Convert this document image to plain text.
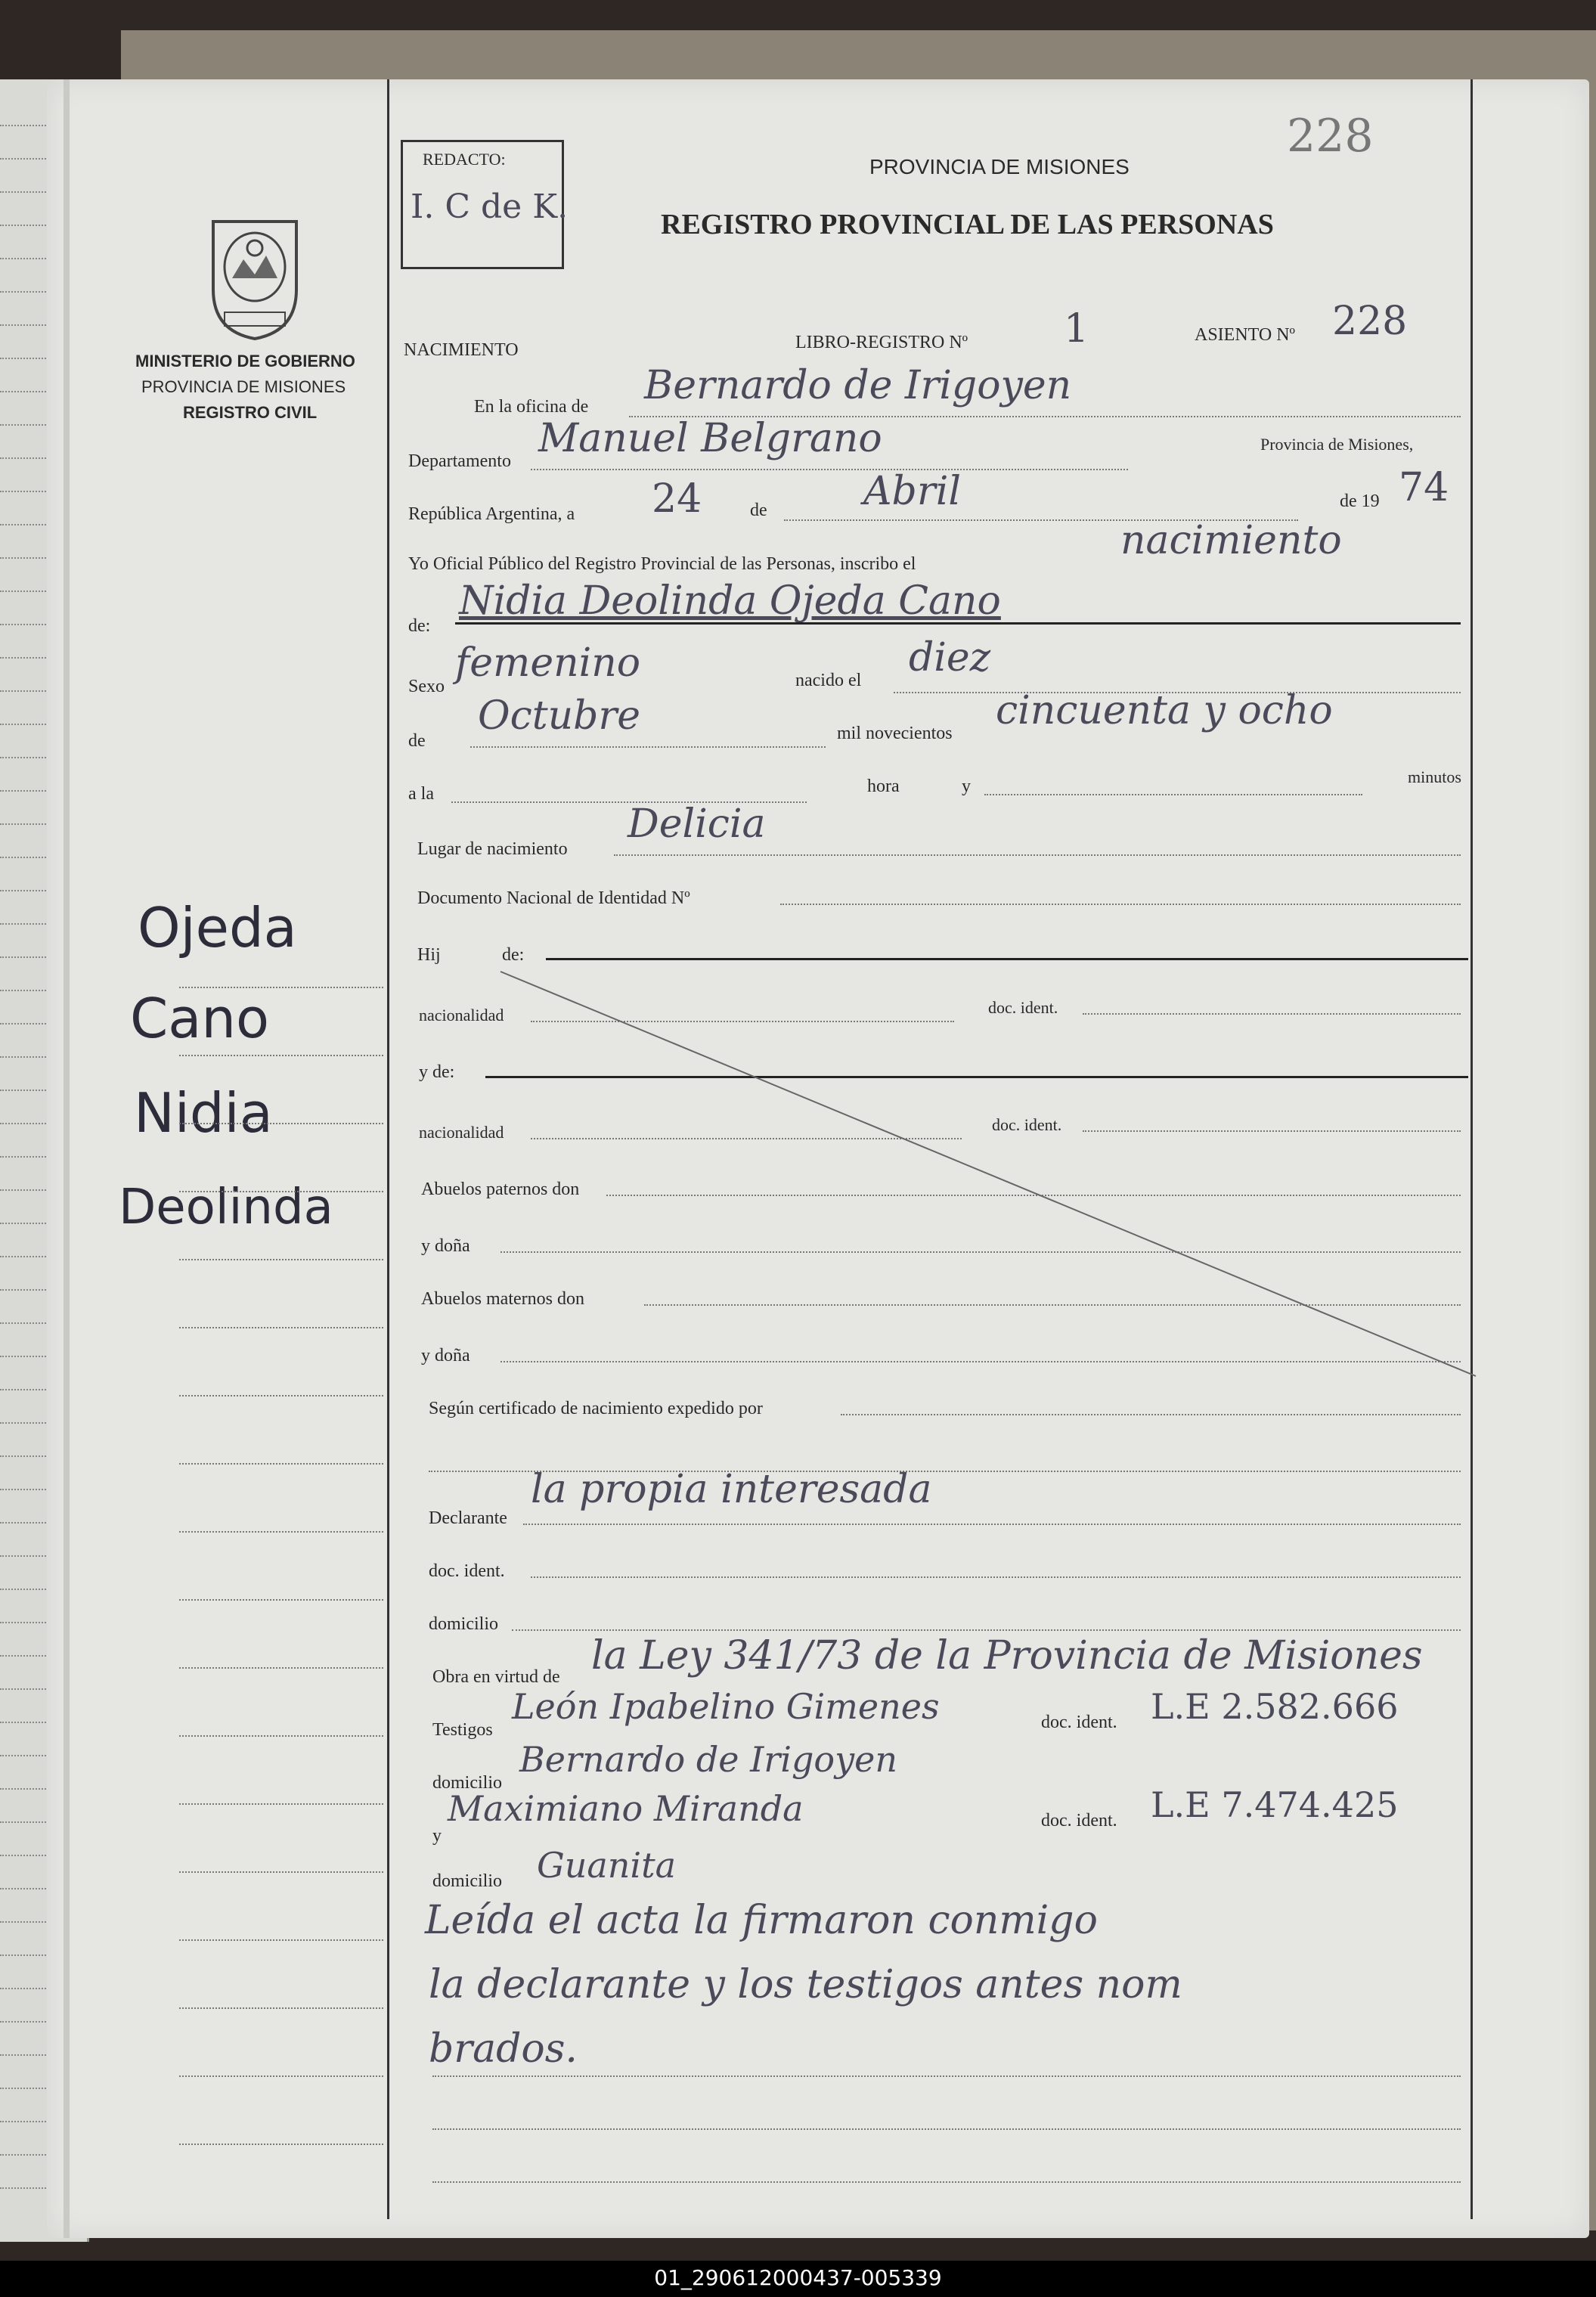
228
REDACTO:
I. C de K.
PROVINCIA DE MISIONES
REGISTRO PROVINCIAL DE LAS PERSONAS
MINISTERIO DE GOBIERNO
PROVINCIA DE MISIONES
REGISTRO CIVIL
Ojeda
Cano
Nidia
Deolinda
NACIMIENTO	LIBRO-REGISTRO Nº 1	ASIENTO Nº 228
En la oficina de Bernardo de Irigoyen
Departamento Manuel Belgrano	Provincia de Misiones,
República Argentina, a 24	de Abril	de 19 74
Yo Oficial Público del Registro Provincial de las Personas, inscribo el
nacimiento
de:
Nidia Deolinda Ojeda Cano
Sexo
femenino	nacido el diez
de
Octubre	mil novecientos cincuenta y ocho
a la	hora	y	minutos
Lugar de nacimiento
Delicia
Documento Nacional de Identidad Nº
Hij	de:
nacionalidad	doc. ident.
y de:
nacionalidad	doc. ident.
Abuelos paternos don
y doña
Abuelos maternos don
y doña
Según certificado de nacimiento expedido por
Declarante
la propia interesada
doc. ident.
domicilio
Obra en virtud de la Ley 341/73 de la Provincia de Misiones
Testigos
León Ipabelino Gimenes	doc. ident. L.E 2.582.666
domicilio
Bernardo de Irigoyen
y
Maximiano Miranda	doc. ident. L.E 7.474.425
domicilio Guanita
Leída el acta la firmaron conmigo
la declarante y los testigos antes nom
brados.
01_290612000437-005339
